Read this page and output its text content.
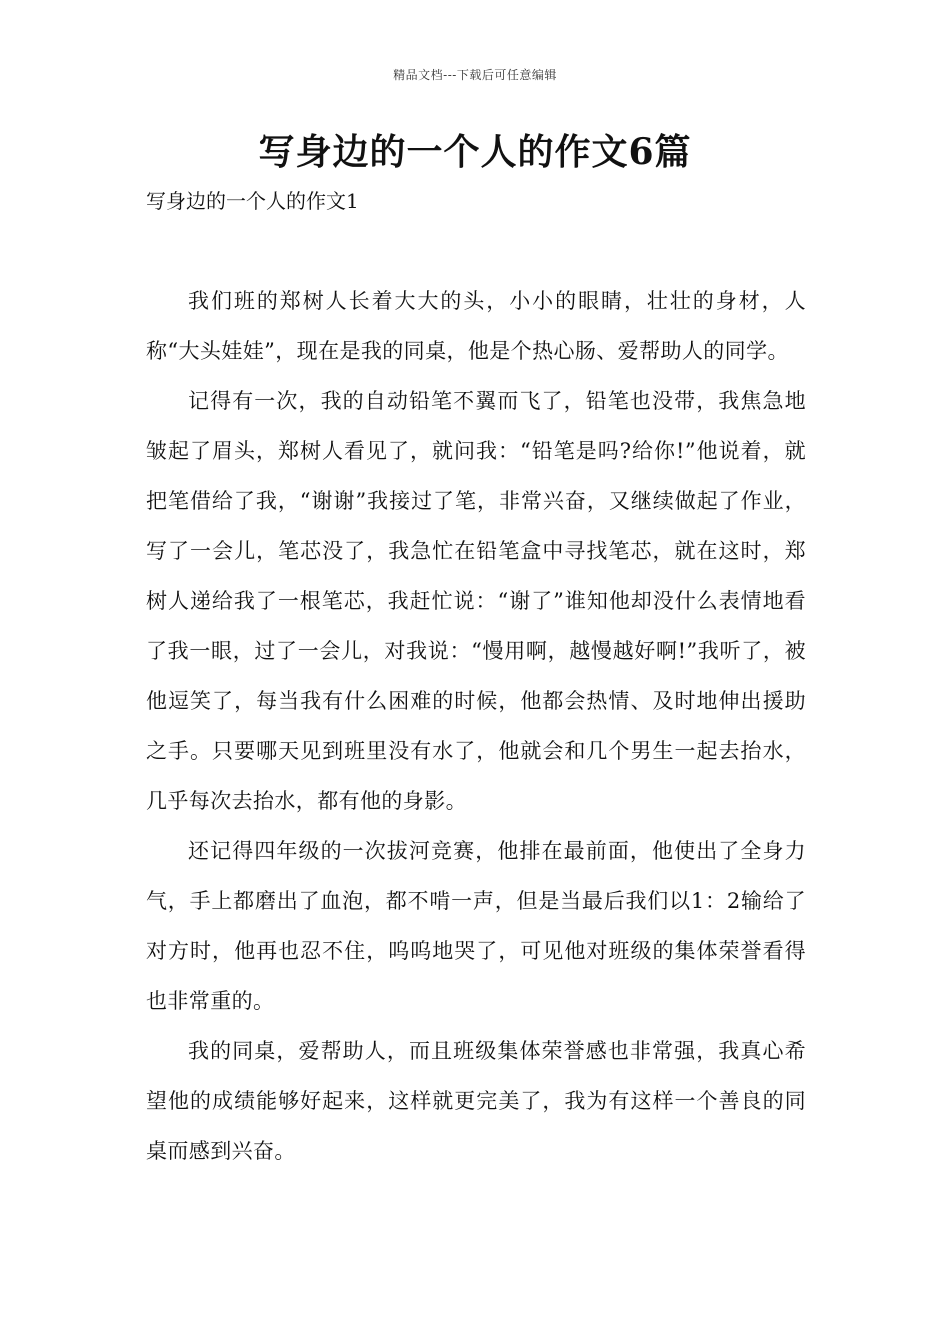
精品文档---下载后可任意编辑
写身边的一个人的作文6篇

写身边的一个人的作文1

我们班的郑树人长着大大的头，小小的眼睛，壮壮的身材，人称“大头娃娃”，现在是我的同桌，他是个热心肠、爱帮助人的同学。

记得有一次，我的自动铅笔不翼而飞了，铅笔也没带，我焦急地皱起了眉头，郑树人看见了，就问我：“铅笔是吗?给你!”他说着，就把笔借给了我，“谢谢”我接过了笔，非常兴奋，又继续做起了作业，写了一会儿，笔芯没了，我急忙在铅笔盒中寻找笔芯，就在这时，郑树人递给我了一根笔芯，我赶忙说：“谢了”谁知他却没什么表情地看了我一眼，过了一会儿，对我说：“慢用啊，越慢越好啊!”我听了，被他逗笑了，每当我有什么困难的时候，他都会热情、及时地伸出援助之手。只要哪天见到班里没有水了，他就会和几个男生一起去抬水，几乎每次去抬水，都有他的身影。

还记得四年级的一次拔河竞赛，他排在最前面，他使出了全身力气，手上都磨出了血泡，都不啃一声，但是当最后我们以1：2输给了对方时，他再也忍不住，呜呜地哭了，可见他对班级的集体荣誉看得也非常重的。

我的同桌，爱帮助人，而且班级集体荣誉感也非常强，我真心希望他的成绩能够好起来，这样就更完美了，我为有这样一个善良的同桌而感到兴奋。
